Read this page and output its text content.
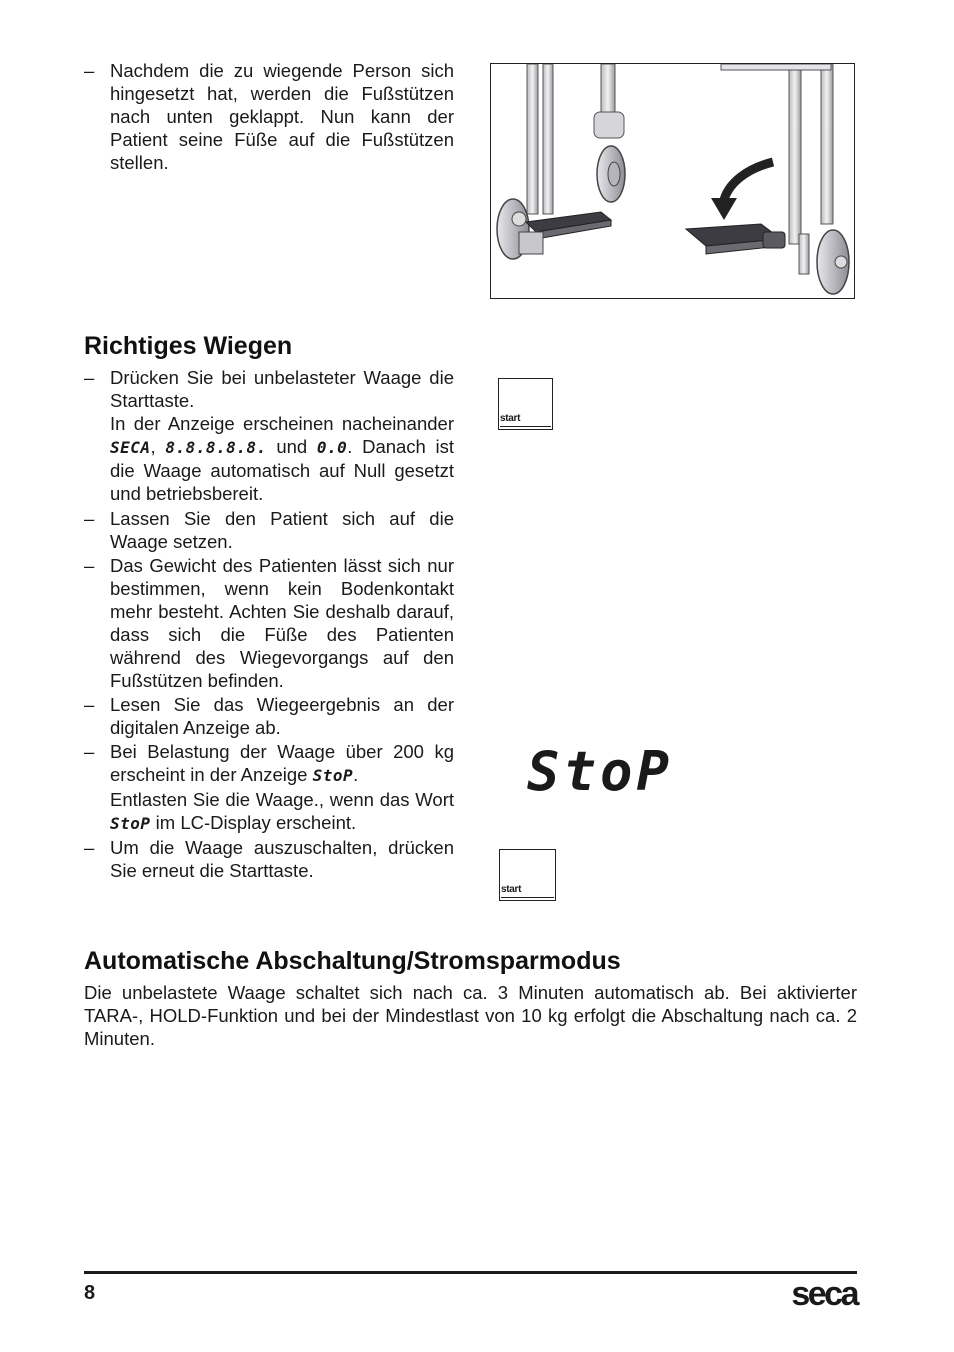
– Nachdem die zu wiegende Person sich hingesetzt hat, werden die Fußstützen nach unten geklappt. Nun kann der Patient seine Füße auf die Fußstützen stellen.

Richtiges Wiegen
– Drücken Sie bei unbelasteter Waage die Starttaste.

In der Anzeige erscheinen nacheinander SECA, 8.8.8.8.8. und 0.0. Danach ist die Waage automatisch auf Null gesetzt und betriebsbereit.

– Lassen Sie den Patient sich auf die Waage setzen.

– Das Gewicht des Patienten lässt sich nur bestimmen, wenn kein Bodenkontakt mehr besteht. Achten Sie deshalb darauf, dass sich die Füße des Patienten während des Wiegevorgangs auf den Fußstützen befinden.

– Lesen Sie das Wiegeergebnis an der digitalen Anzeige ab.

– Bei Belastung der Waage über 200 kg erscheint in der Anzeige StoP.

Entlasten Sie die Waage., wenn das Wort StoP im LC-Display erscheint.

– Um die Waage auszuschalten, drücken Sie erneut die Starttaste.

start
StoP
start
Automatische Abschaltung/Stromsparmodus

Die unbelastete Waage schaltet sich nach ca. 3 Minuten automatisch ab. Bei aktivierter TARA-, HOLD-Funktion und bei der Mindestlast von 10 kg erfolgt die Abschaltung nach ca. 2 Minuten.

8	seca
